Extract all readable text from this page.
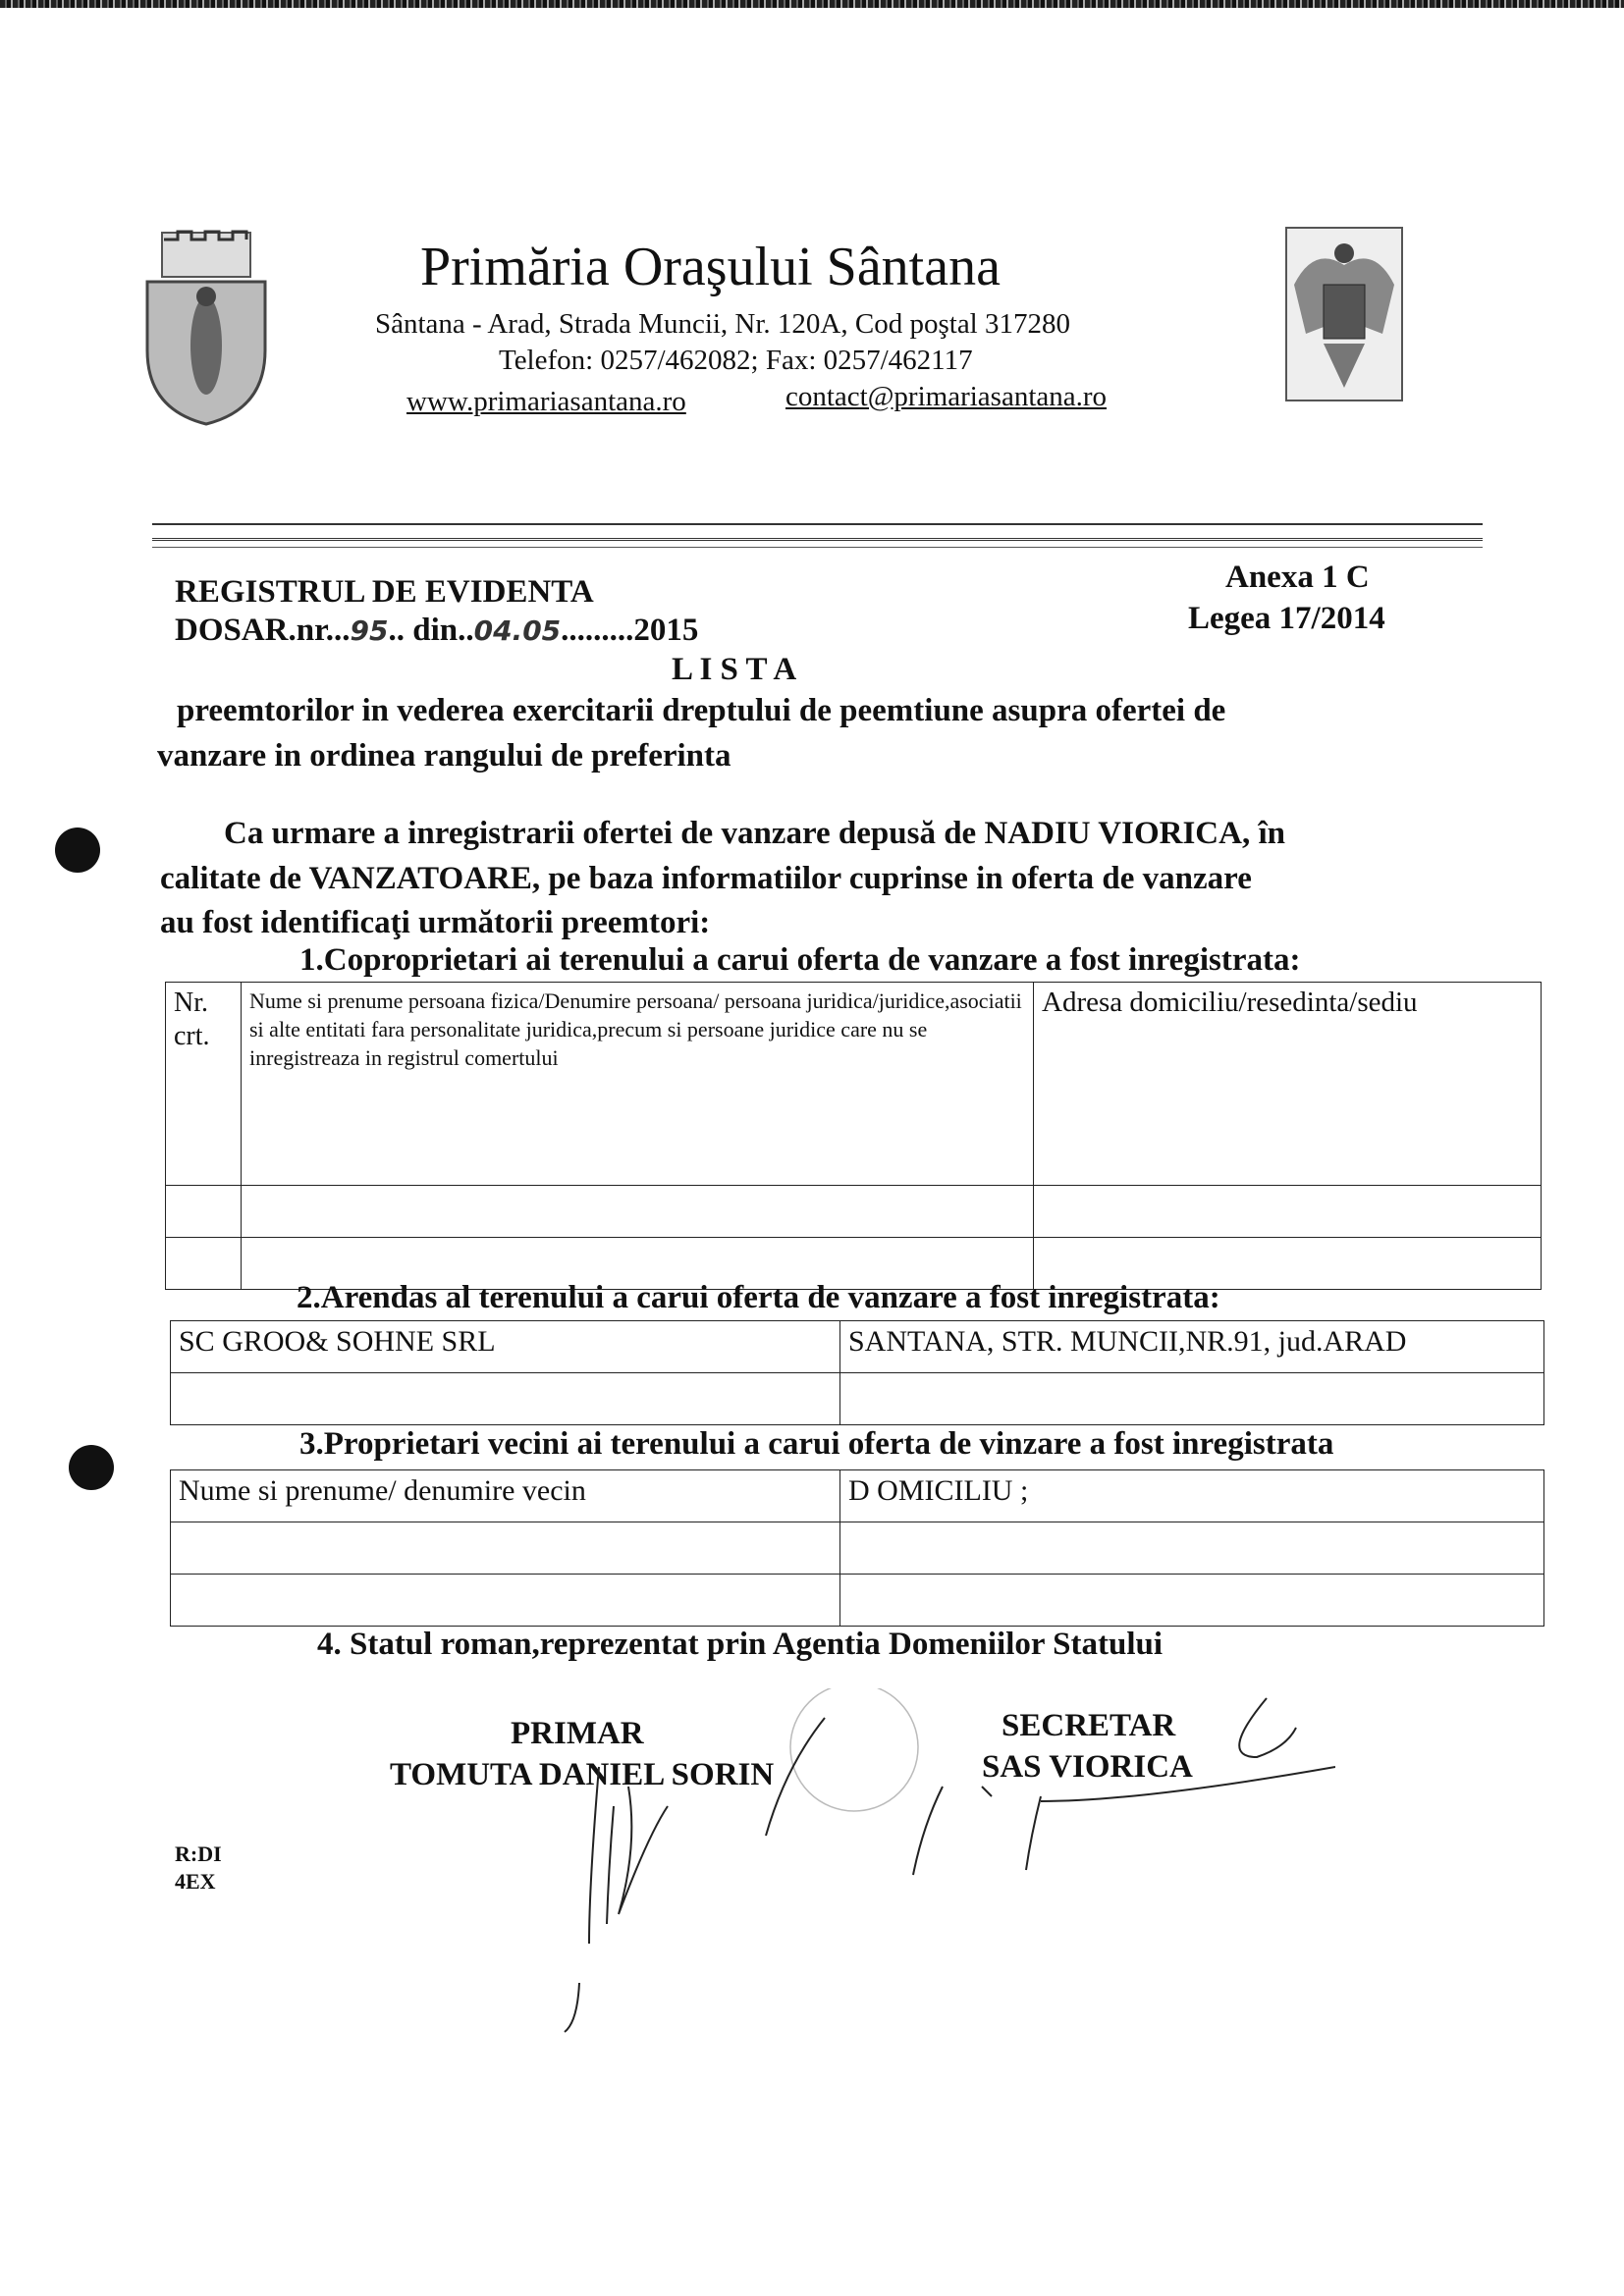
Primăria Oraşului Sântana
Sântana - Arad, Strada Muncii, Nr. 120A, Cod poştal 317280
Telefon: 0257/462082; Fax: 0257/462117
www.primariasantana.ro	contact@primariasantana.ro
REGISTRUL DE EVIDENTA
DOSAR.nr...95.. din..04.05.........2015
Anexa 1 C
Legea 17/2014
L I S T A
preemtorilor in vederea exercitarii dreptului de peemtiune asupra ofertei de
vanzare in ordinea rangului de preferinta
Ca urmare a inregistrarii ofertei de vanzare depusă de NADIU VIORICA, în
calitate de VANZATOARE, pe baza informatiilor cuprinse in oferta de vanzare
au fost identificaţi următorii preemtori:
1.Coproprietari ai terenului a carui oferta de vanzare a fost inregistrata:
Nr. crt.	Nume si prenume persoana fizica/Denumire persoana/ persoana juridica/juridice,asociatii si alte entitati fara personalitate juridica,precum si persoane juridice care nu se inregistreaza in registrul comertului	Adresa domiciliu/resedinta/sediu

2.Arendas al terenului a carui oferta de vanzare a fost inregistrata:
SC GROO& SOHNE SRL	SANTANA, STR. MUNCII,NR.91, jud.ARAD

3.Proprietari vecini ai terenului a carui oferta de vinzare a fost inregistrata
Nume si prenume/ denumire vecin	D OMICILIU ;

4. Statul roman,reprezentat prin Agentia Domeniilor Statului
PRIMAR
TOMUTA DANIEL SORIN
SECRETAR
SAS VIORICA
R:DI
4EX
